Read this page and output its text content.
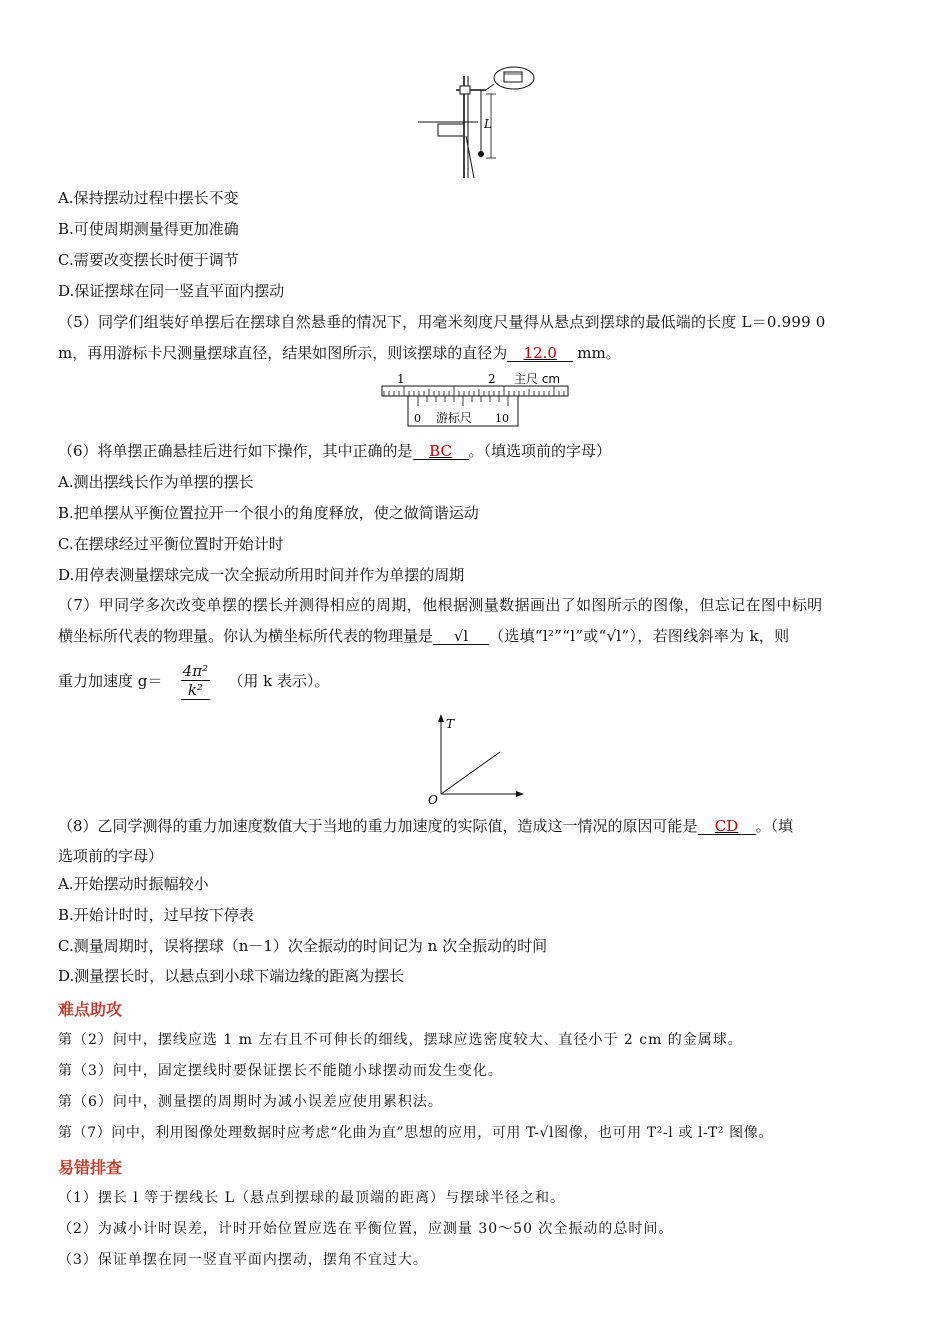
L
A.保持摆动过程中摆长不变
B.可使周期测量得更加准确
C.需要改变摆长时便于调节
D.保证摆球在同一竖直平面内摆动
（5）同学们组装好单摆后在摆球自然悬垂的情况下，用毫米刻度尺量得从悬点到摆球的最低端的长度 L＝0.999 0
m，再用游标卡尺测量摆球直径，结果如图所示，则该摆球的直径为 12.0 mm。
1	2 主尺 cm
0 游标尺 10
（6）将单摆正确悬挂后进行如下操作，其中正确的是 BC 。（填选项前的字母）
A.测出摆线长作为单摆的摆长
B.把单摆从平衡位置拉开一个很小的角度释放，使之做简谐运动
C.在摆球经过平衡位置时开始计时
D.用停表测量摆球完成一次全振动所用时间并作为单摆的周期
（7）甲同学多次改变单摆的摆长并测得相应的周期，他根据测量数据画出了如图所示的图像，但忘记在图中标明
横坐标所代表的物理量。你认为横坐标所代表的物理量是 √l （选填“l²”“l”或“√l”），若图线斜率为 k，则
重力加速度 $g= \frac{\text{4π²}}{\text{k²}}$ （用 k 表示）。
T
O
（8）乙同学测得的重力加速度数值大于当地的重力加速度的实际值，造成这一情况的原因可能是 CD 。（填
选项前的字母）
A.开始摆动时振幅较小
B.开始计时时，过早按下停表
C.测量周期时，误将摆球（n－1）次全振动的时间记为 n 次全振动的时间
D.测量摆长时，以悬点到小球下端边缘的距离为摆长
难点助攻
第（2）问中，摆线应选 1 m 左右且不可伸长的细线，摆球应选密度较大、直径小于 2 cm 的金属球。
第（3）问中，固定摆线时要保证摆长不能随小球摆动而发生变化。
第（6）问中，测量摆的周期时为减小误差应使用累积法。
第（7）问中，利用图像处理数据时应考虑“化曲为直”思想的应用，可用 T-√l图像，也可用 T²-l 或 l-T² 图像。
易错排查
（1）摆长 l 等于摆线长 L（悬点到摆球的最顶端的距离）与摆球半径之和。
（2）为减小计时误差，计时开始位置应选在平衡位置，应测量 30～50 次全振动的总时间。
（3）保证单摆在同一竖直平面内摆动，摆角不宜过大。
